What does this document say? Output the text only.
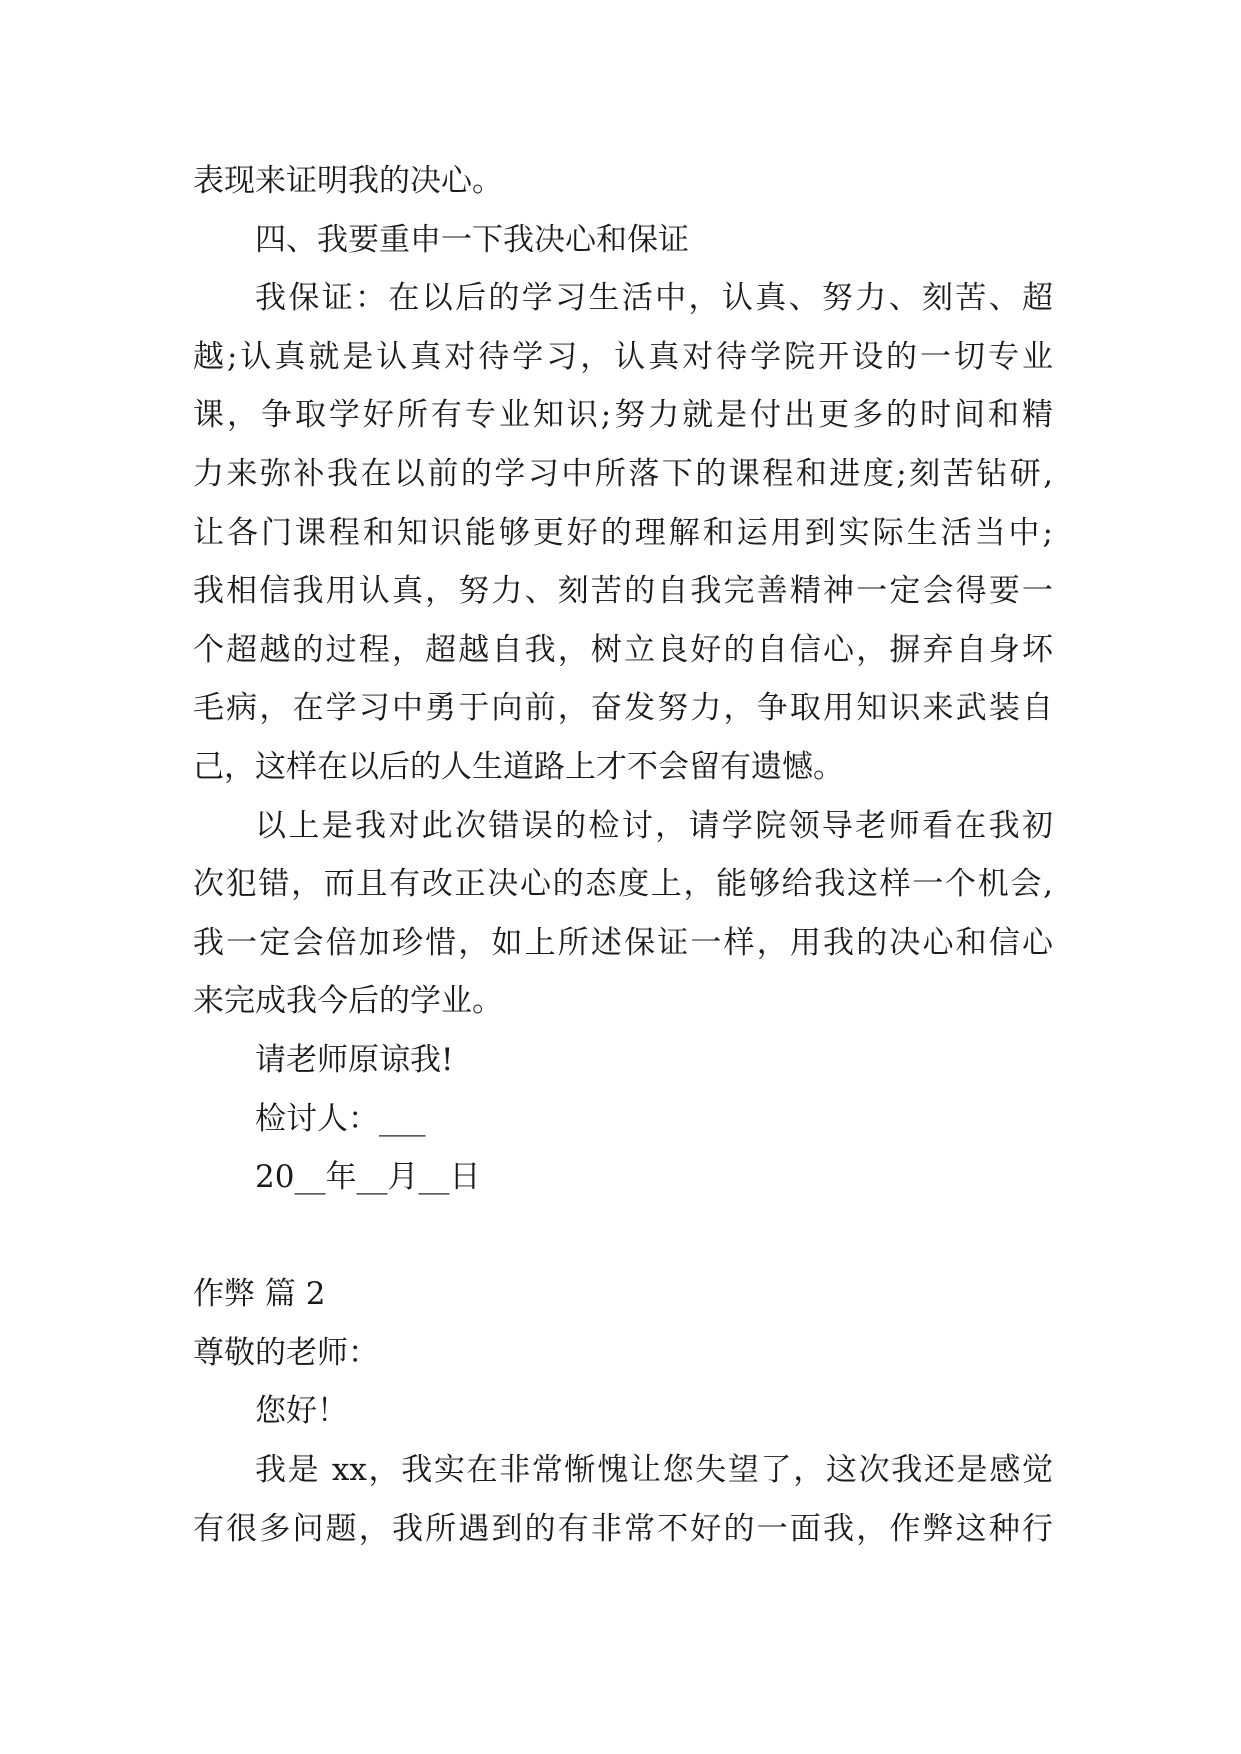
表现来证明我的决心。
四、我要重申一下我决心和保证
我保证：在以后的学习生活中，认真、努力、刻苦、超
越;认真就是认真对待学习，认真对待学院开设的一切专业
课，争取学好所有专业知识;努力就是付出更多的时间和精
力来弥补我在以前的学习中所落下的课程和进度;刻苦钻研,
让各门课程和知识能够更好的理解和运用到实际生活当中;
我相信我用认真，努力、刻苦的自我完善精神一定会得要一
个超越的过程，超越自我，树立良好的自信心，摒弃自身坏
毛病，在学习中勇于向前，奋发努力，争取用知识来武装自
己，这样在以后的人生道路上才不会留有遗憾。
以上是我对此次错误的检讨，请学院领导老师看在我初
次犯错，而且有改正决心的态度上，能够给我这样一个机会,
我一定会倍加珍惜，如上所述保证一样，用我的决心和信心
来完成我今后的学业。
请老师原谅我!
检讨人：___
20__年__月__日
作弊 篇 2
尊敬的老师：
您好！
我是 xx，我实在非常惭愧让您失望了，这次我还是感觉
有很多问题，我所遇到的有非常不好的一面我，作弊这种行
